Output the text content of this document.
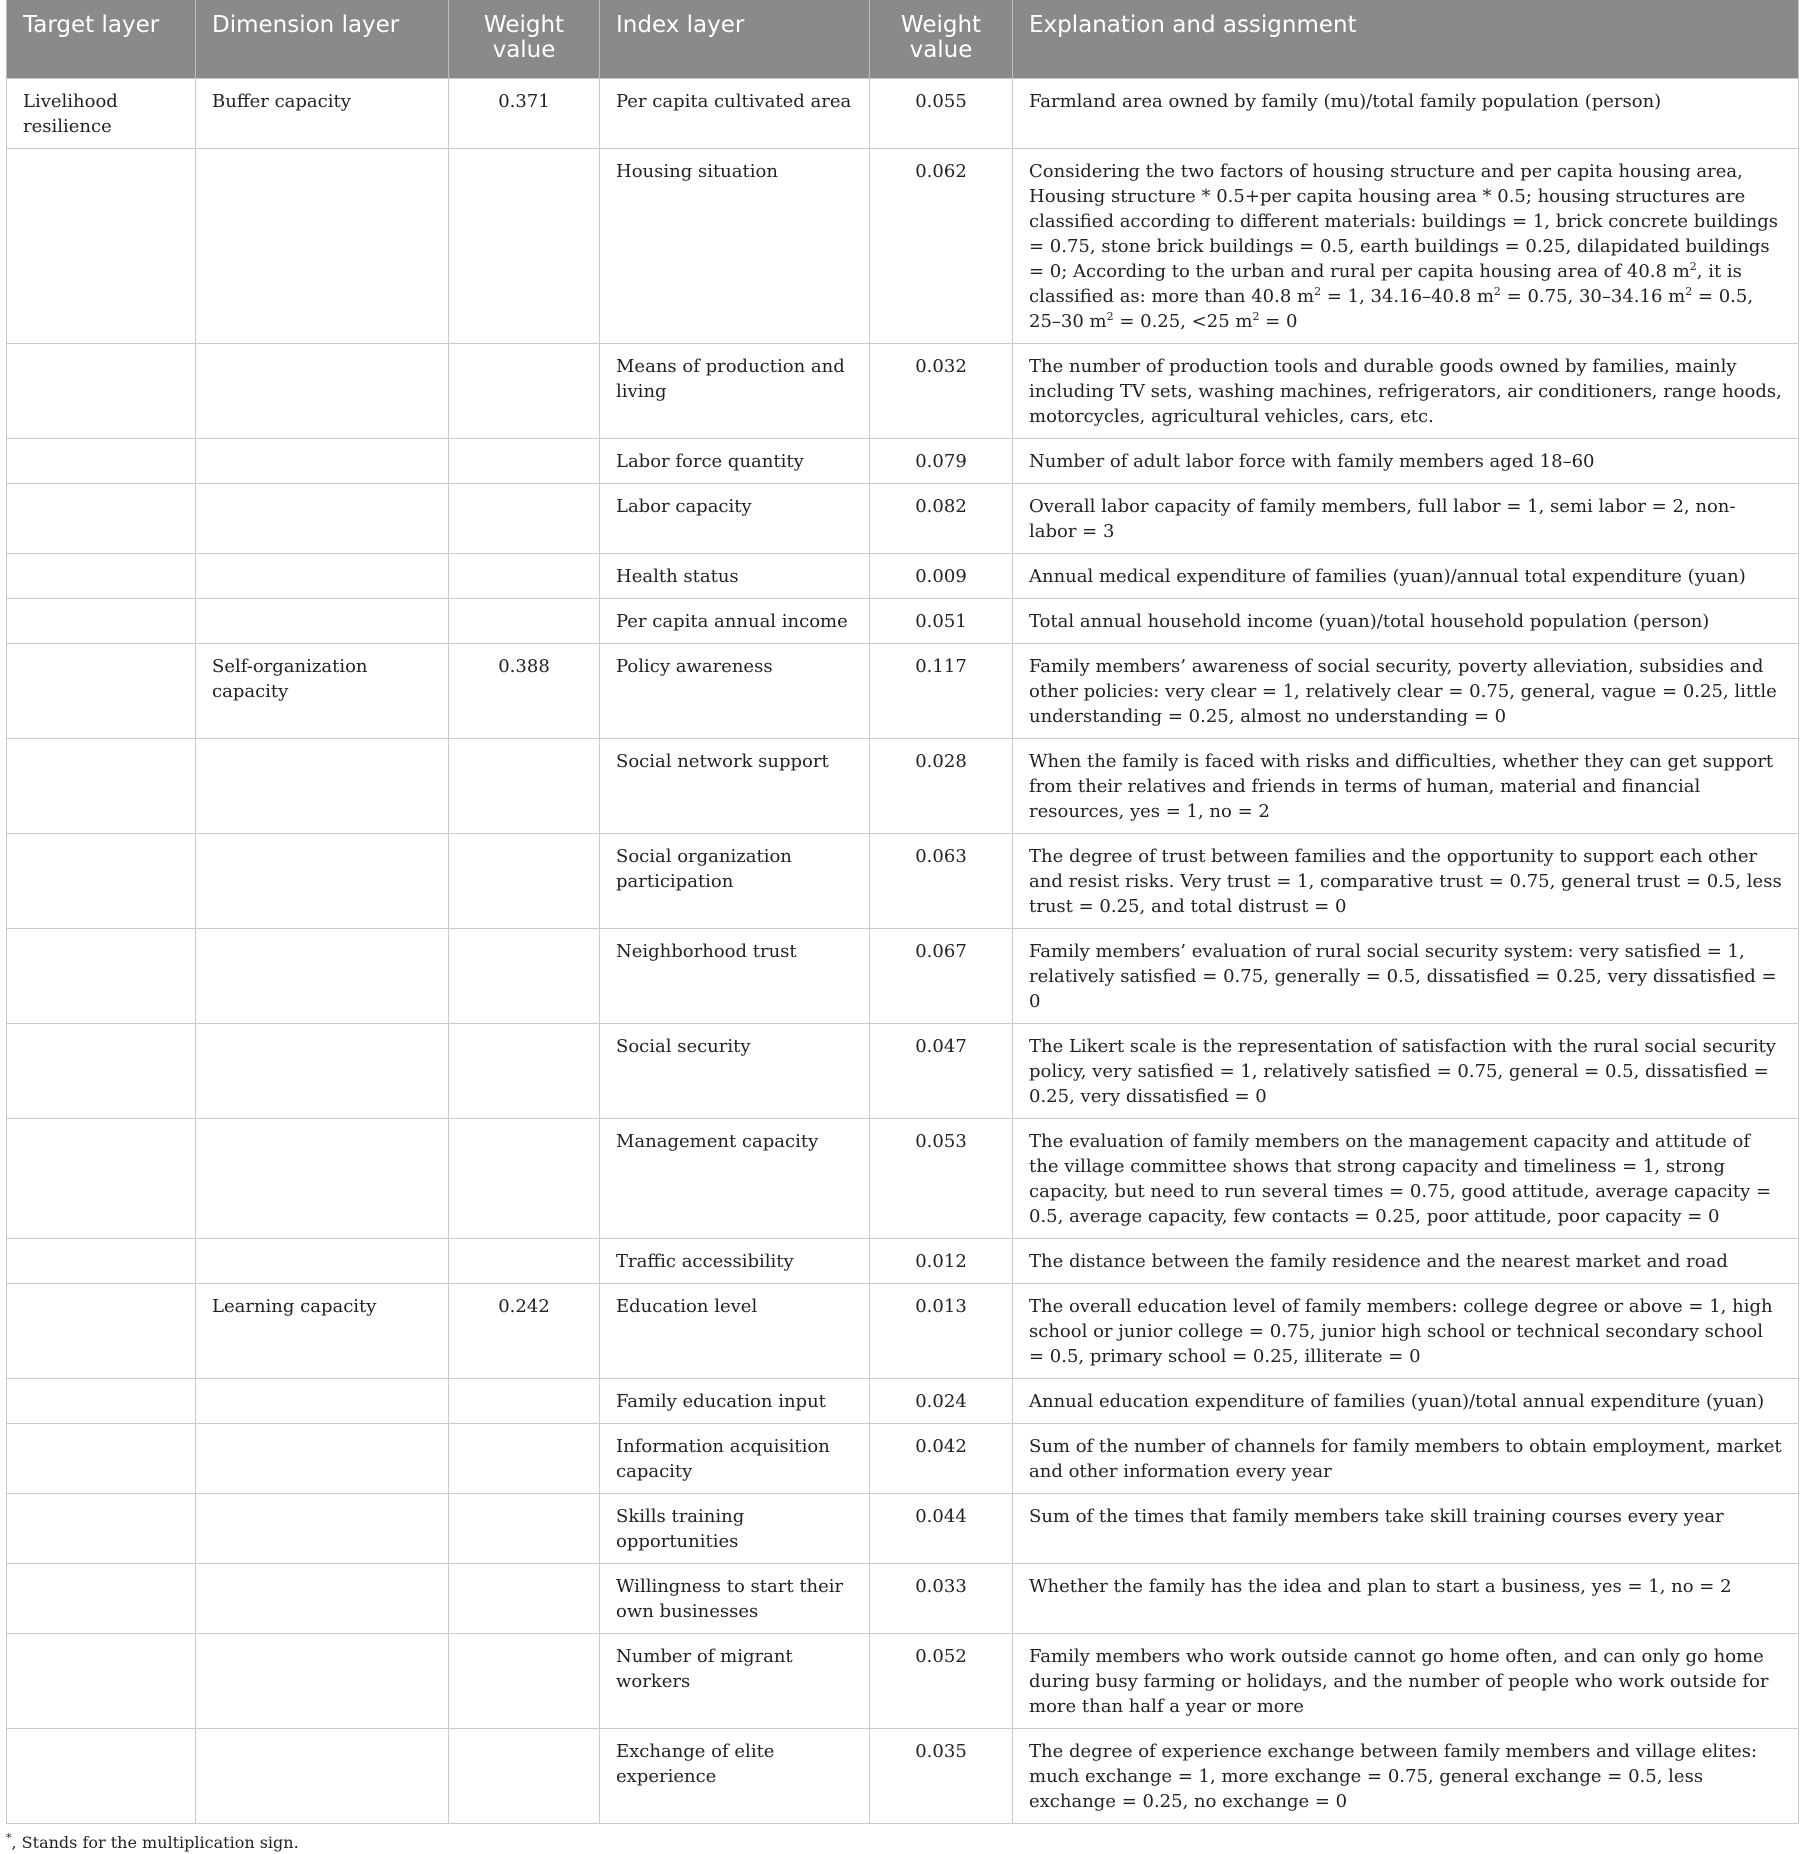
Target layer	Dimension layer	Weight value	Index layer	Weight value	Explanation and assignment
Livelihood resilience	Buffer capacity	0.371	Per capita cultivated area	0.055	Farmland area owned by family (mu)/total family population (person)
			Housing situation	0.062	Considering the two factors of housing structure and per capita housing area, Housing structure * 0.5+per capita housing area * 0.5; housing structures are classified according to different materials: buildings = 1, brick concrete buildings = 0.75, stone brick buildings = 0.5, earth buildings = 0.25, dilapidated buildings = 0; According to the urban and rural per capita housing area of 40.8 $m^2$, it is classified as: more than 40.8 $m^2 = 1$, 34.16–40.8 $m^2 = 0.75$, 30–34.16 $m^2 = 0.5$, 25–30 $m^2 = 0.25$, <25 $m^2 = 0$
			Means of production and living	0.032	The number of production tools and durable goods owned by families, mainly including TV sets, washing machines, refrigerators, air conditioners, range hoods, motorcycles, agricultural vehicles, cars, etc.
			Labor force quantity	0.079	Number of adult labor force with family members aged 18–60
			Labor capacity	0.082	Overall labor capacity of family members, full labor = 1, semi labor = 2, non-labor = 3
			Health status	0.009	Annual medical expenditure of families (yuan)/annual total expenditure (yuan)
			Per capita annual income	0.051	Total annual household income (yuan)/total household population (person)
	Self-organization capacity	0.388	Policy awareness	0.117	Family members’ awareness of social security, poverty alleviation, subsidies and other policies: very clear = 1, relatively clear = 0.75, general, vague = 0.25, little understanding = 0.25, almost no understanding = 0
			Social network support	0.028	When the family is faced with risks and difficulties, whether they can get support from their relatives and friends in terms of human, material and financial resources, yes = 1, no = 2
			Social organization participation	0.063	The degree of trust between families and the opportunity to support each other and resist risks. Very trust = 1, comparative trust = 0.75, general trust = 0.5, less trust = 0.25, and total distrust = 0
			Neighborhood trust	0.067	Family members’ evaluation of rural social security system: very satisfied = 1, relatively satisfied = 0.75, generally = 0.5, dissatisfied = 0.25, very dissatisfied = 0
			Social security	0.047	The Likert scale is the representation of satisfaction with the rural social security policy, very satisfied = 1, relatively satisfied = 0.75, general = 0.5, dissatisfied = 0.25, very dissatisfied = 0
			Management capacity	0.053	The evaluation of family members on the management capacity and attitude of the village committee shows that strong capacity and timeliness = 1, strong capacity, but need to run several times = 0.75, good attitude, average capacity = 0.5, average capacity, few contacts = 0.25, poor attitude, poor capacity = 0
			Traffic accessibility	0.012	The distance between the family residence and the nearest market and road
	Learning capacity	0.242	Education level	0.013	The overall education level of family members: college degree or above = 1, high school or junior college = 0.75, junior high school or technical secondary school = 0.5, primary school = 0.25, illiterate = 0
			Family education input	0.024	Annual education expenditure of families (yuan)/total annual expenditure (yuan)
			Information acquisition capacity	0.042	Sum of the number of channels for family members to obtain employment, market and other information every year
			Skills training opportunities	0.044	Sum of the times that family members take skill training courses every year
			Willingness to start their own businesses	0.033	Whether the family has the idea and plan to start a business, yes = 1, no = 2
			Number of migrant workers	0.052	Family members who work outside cannot go home often, and can only go home during busy farming or holidays, and the number of people who work outside for more than half a year or more
			Exchange of elite experience	0.035	The degree of experience exchange between family members and village elites: much exchange = 1, more exchange = 0.75, general exchange = 0.5, less exchange = 0.25, no exchange = 0
*, Stands for the multiplication sign.
